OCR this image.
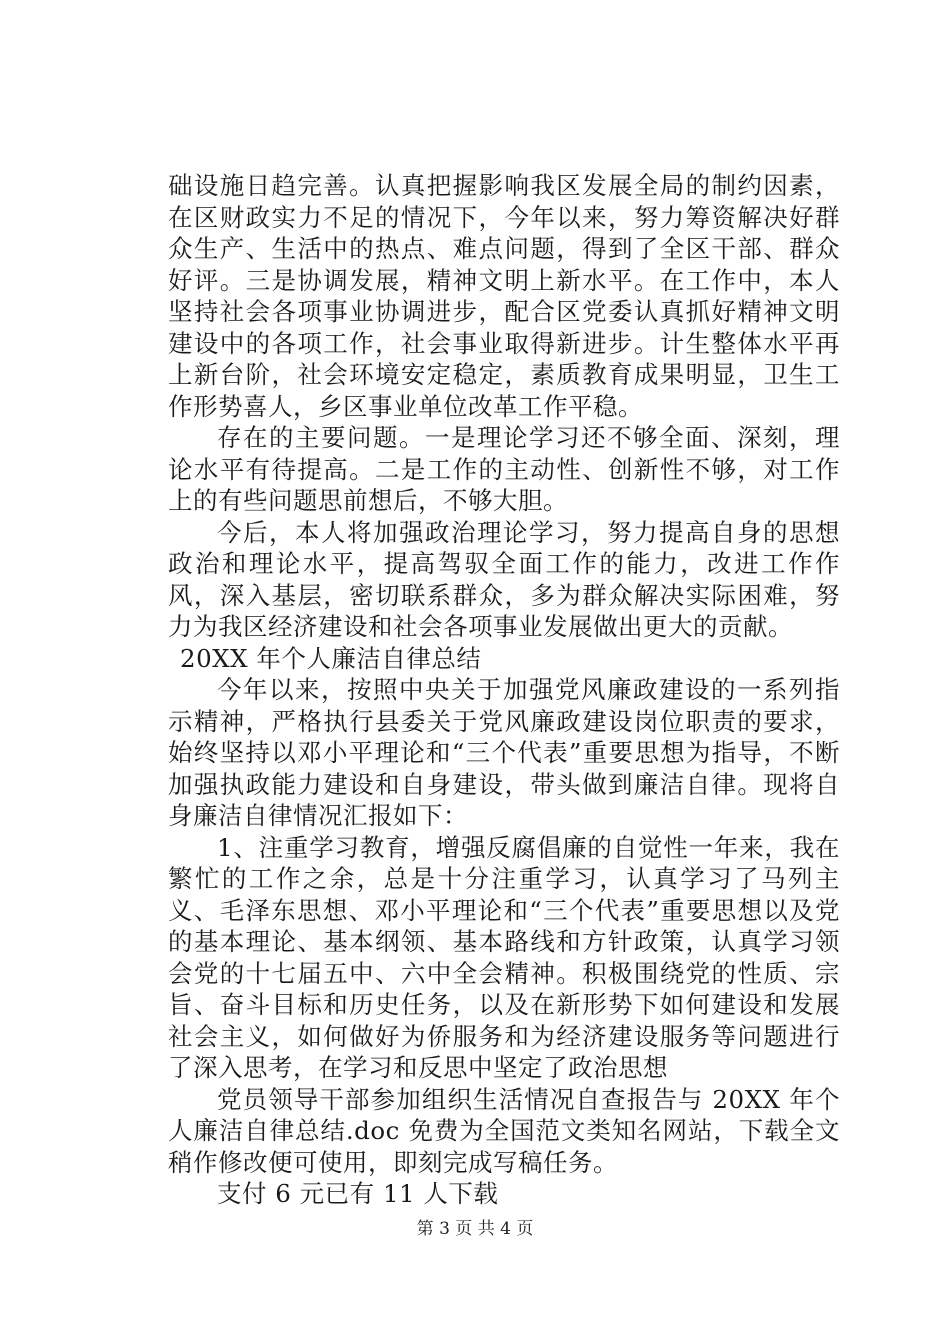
础设施日趋完善。认真把握影响我区发展全局的制约因素，在区财政实力不足的情况下，今年以来，努力筹资解决好群众生产、生活中的热点、难点问题，得到了全区干部、群众好评。三是协调发展，精神文明上新水平。在工作中，本人坚持社会各项事业协调进步，配合区党委认真抓好精神文明建设中的各项工作，社会事业取得新进步。计生整体水平再上新台阶，社会环境安定稳定，素质教育成果明显，卫生工作形势喜人，乡区事业单位改革工作平稳。

存在的主要问题。一是理论学习还不够全面、深刻，理论水平有待提高。二是工作的主动性、创新性不够，对工作上的有些问题思前想后，不够大胆。

今后，本人将加强政治理论学习，努力提高自身的思想政治和理论水平，提高驾驭全面工作的能力，改进工作作风，深入基层，密切联系群众，多为群众解决实际困难，努力为我区经济建设和社会各项事业发展做出更大的贡献。

20XX 年个人廉洁自律总结

今年以来，按照中央关于加强党风廉政建设的一系列指示精神，严格执行县委关于党风廉政建设岗位职责的要求，始终坚持以邓小平理论和“三个代表”重要思想为指导，不断加强执政能力建设和自身建设，带头做到廉洁自律。现将自身廉洁自律情况汇报如下：

1、注重学习教育，增强反腐倡廉的自觉性一年来，我在繁忙的工作之余，总是十分注重学习，认真学习了马列主义、毛泽东思想、邓小平理论和“三个代表”重要思想以及党的基本理论、基本纲领、基本路线和方针政策，认真学习领会党的十七届五中、六中全会精神。积极围绕党的性质、宗旨、奋斗目标和历史任务，以及在新形势下如何建设和发展社会主义，如何做好为侨服务和为经济建设服务等问题进行了深入思考，在学习和反思中坚定了政治思想

党员领导干部参加组织生活情况自查报告与 20XX 年个人廉洁自律总结.doc 免费为全国范文类知名网站，下载全文稍作修改便可使用，即刻完成写稿任务。

支付 6 元已有 11 人下载

第 3 页 共 4 页
